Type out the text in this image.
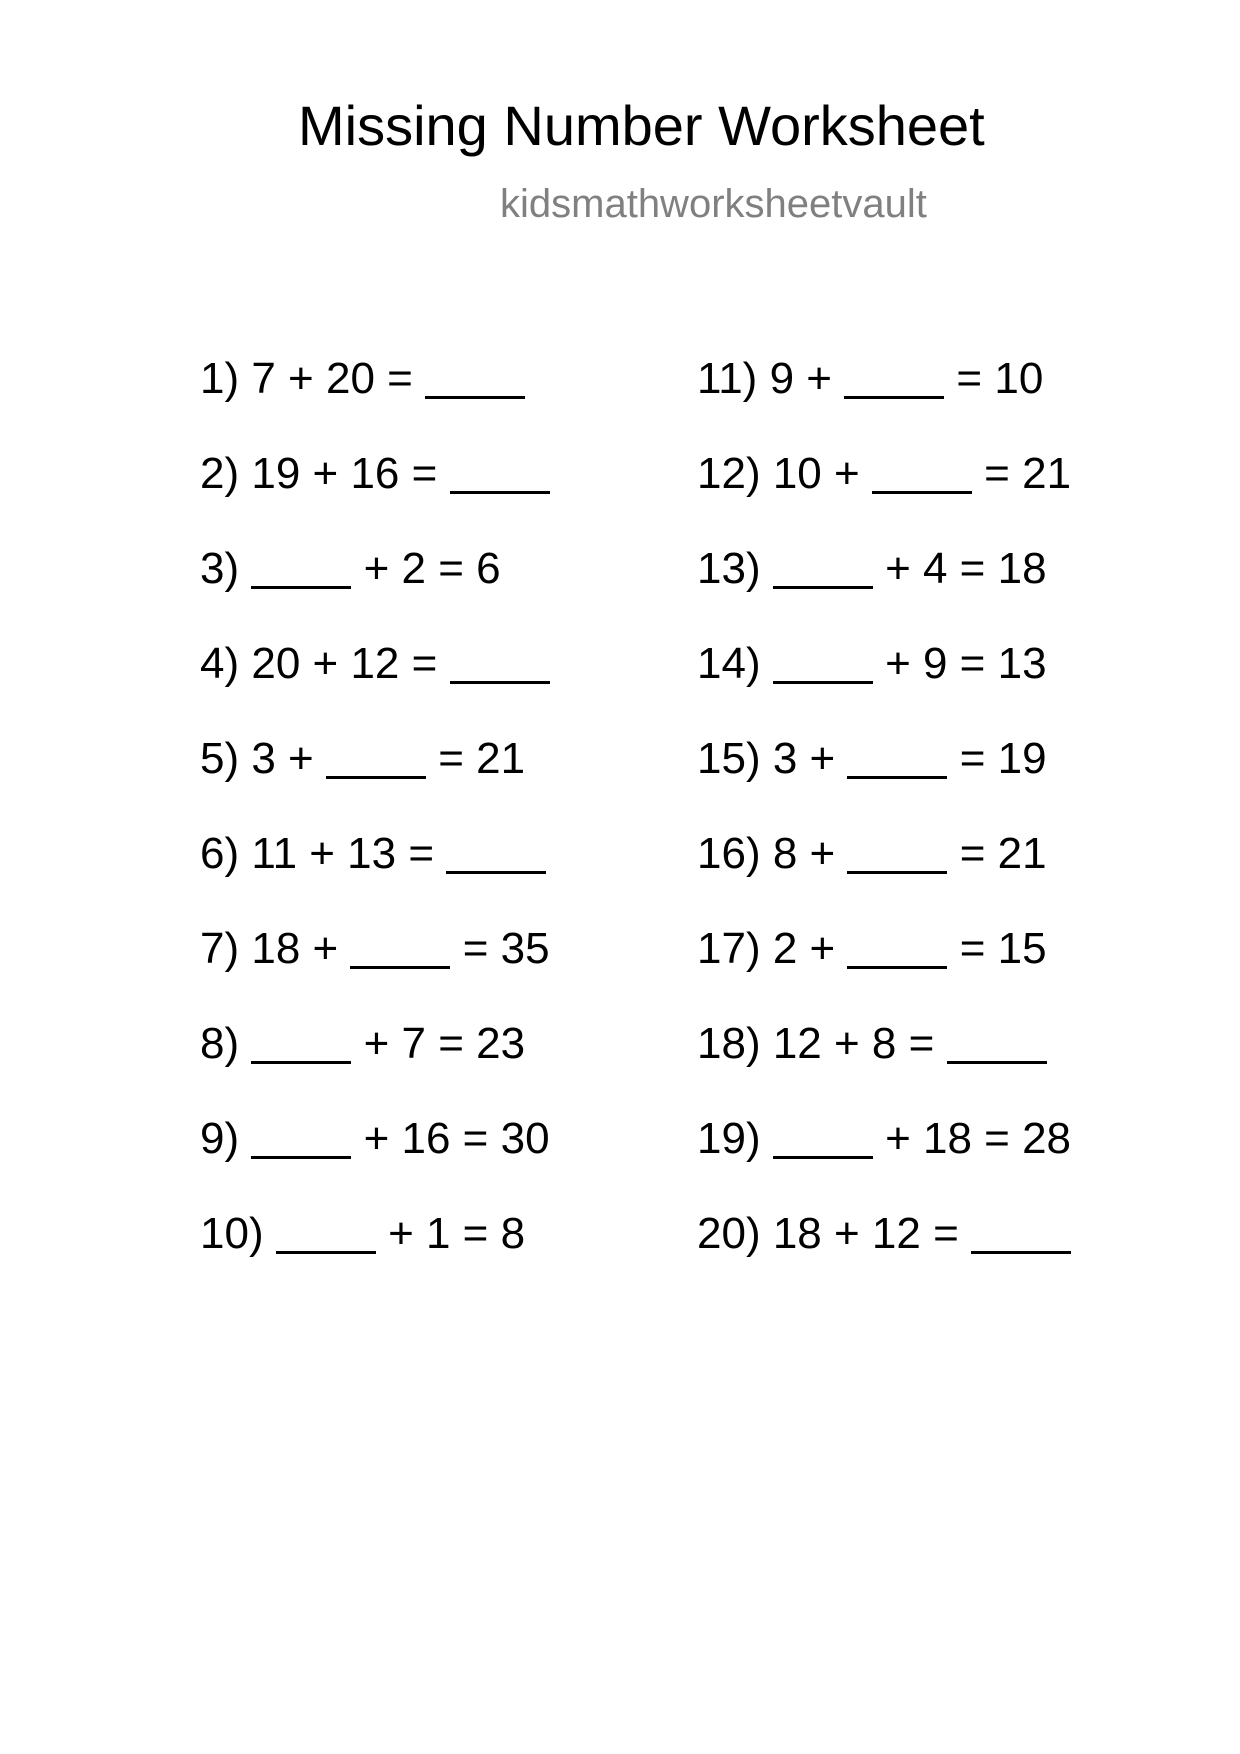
Missing Number Worksheet
kidsmathworksheetvault
1) 7 + 20 =
2) 19 + 16 =
3)	+ 2 = 6
4) 20 + 12 =
5) 3 +	= 21
6) 11 + 13 =
7) 18 +	= 35
8)	+ 7 = 23
9)	+ 16 = 30
10)	+ 1 = 8
11) 9 +	= 10
12) 10 +	= 21
13)	+ 4 = 18
14)	+ 9 = 13
15) 3 +	= 19
16) 8 +	= 21
17) 2 +	= 15
18) 12 + 8 =
19)	+ 18 = 28
20) 18 + 12 =
